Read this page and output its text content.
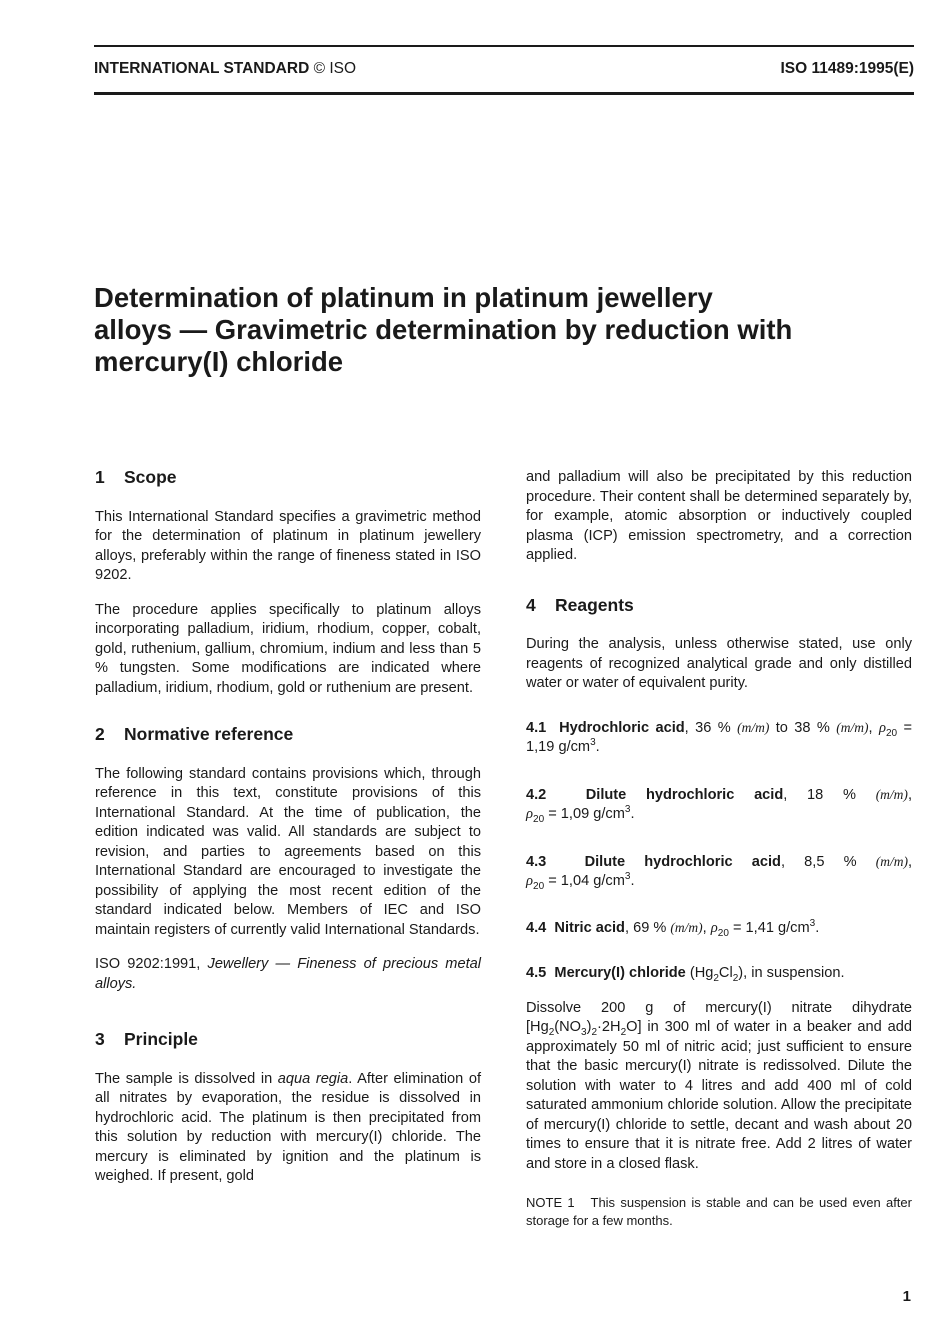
INTERNATIONAL STANDARD © ISO	ISO 11489:1995(E)
Determination of platinum in platinum jewellery
alloys — Gravimetric determination by reduction with
mercury(I) chloride
1 Scope

This International Standard specifies a gravimetric method for the determination of platinum in platinum jewellery alloys, preferably within the range of fineness stated in ISO 9202.

The procedure applies specifically to platinum alloys incorporating palladium, iridium, rhodium, copper, cobalt, gold, ruthenium, gallium, chromium, indium and less than 5 % tungsten. Some modifications are indicated where palladium, iridium, rhodium, gold or ruthenium are present.

2 Normative reference

The following standard contains provisions which, through reference in this text, constitute provisions of this International Standard. At the time of publication, the edition indicated was valid. All standards are subject to revision, and parties to agreements based on this International Standard are encouraged to investigate the possibility of applying the most recent edition of the standard indicated below. Members of IEC and ISO maintain registers of currently valid International Standards.

ISO 9202:1991, Jewellery — Fineness of precious metal alloys.

3 Principle

The sample is dissolved in aqua regia. After elimination of all nitrates by evaporation, the residue is dissolved in hydrochloric acid. The platinum is then precipitated from this solution by reduction with mercury(I) chloride. The mercury is eliminated by ignition and the platinum is weighed. If present, gold

and palladium will also be precipitated by this reduction procedure. Their content shall be determined separately by, for example, atomic absorption or inductively coupled plasma (ICP) emission spectrometry, and a correction applied.

4 Reagents

During the analysis, unless otherwise stated, use only reagents of recognized analytical grade and only distilled water or water of equivalent purity.

4.1 Hydrochloric acid, 36 % (m/m) to 38 % (m/m), $\rho_{20} = 1,19$ $g/cm^3$.

4.2	Dilute hydrochloric acid, 18 % (m/m),

$\rho_{20} = 1,09$ $g/cm^3$.

4.3	Dilute hydrochloric acid, 8,5 % (m/m),

$\rho_{20} = 1,04$ $g/cm^3$.

4.4 Nitric acid, 69 % (m/m), $\rho_{20} = 1,41$ $g/cm^3$.

4.5 Mercury(I) chloride $(Hg_2Cl_2)$, in suspension.

Dissolve 200 g of mercury(I) nitrate dihydrate $[Hg_2(NO_3)_2\cdot 2H_2O]$ in 300 ml of water in a beaker and add approximately 50 ml of nitric acid; just sufficient to ensure that the basic mercury(I) nitrate is redissolved. Dilute the solution with water to 4 litres and add 400 ml of cold saturated ammonium chloride solution. Allow the precipitate of mercury(I) chloride to settle, decant and wash about 20 times to ensure that it is nitrate free. Add 2 litres of water and store in a closed flask.

NOTE 1 This suspension is stable and can be used even after storage for a few months.

1
